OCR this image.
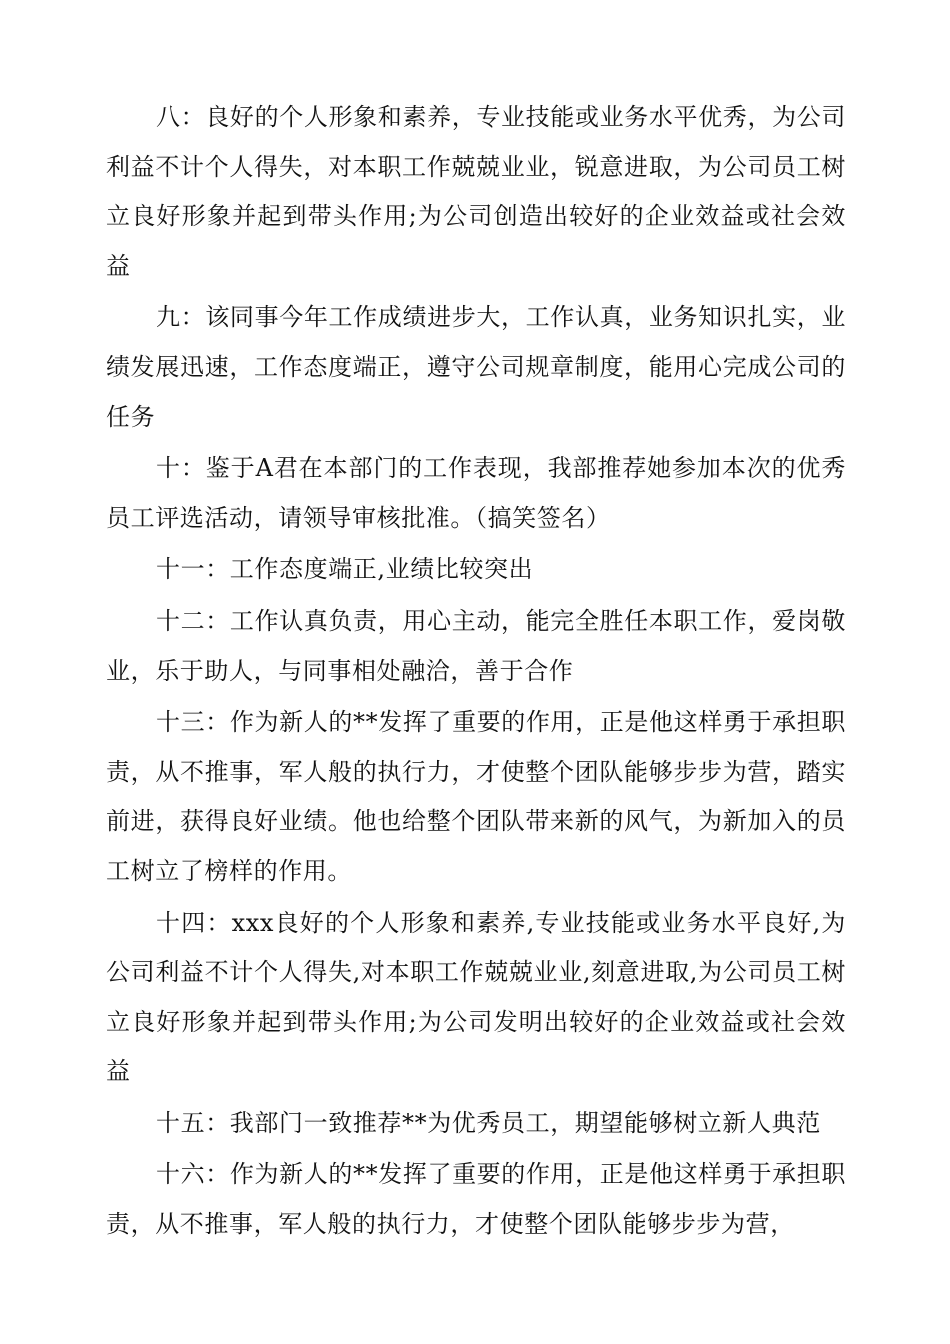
八：良好的个人形象和素养，专业技能或业务水平优秀，为公司利益不计个人得失，对本职工作兢兢业业，锐意进取，为公司员工树立良好形象并起到带头作用;为公司创造出较好的企业效益或社会效益

九：该同事今年工作成绩进步大，工作认真，业务知识扎实，业绩发展迅速，工作态度端正，遵守公司规章制度，能用心完成公司的任务

十：鉴于A君在本部门的工作表现，我部推荐她参加本次的优秀员工评选活动，请领导审核批准。（搞笑签名）

十一：工作态度端正,业绩比较突出

十二：工作认真负责，用心主动，能完全胜任本职工作，爱岗敬业，乐于助人，与同事相处融洽，善于合作

十三：作为新人的**发挥了重要的作用，正是他这样勇于承担职责，从不推事，军人般的执行力，才使整个团队能够步步为营，踏实前进，获得良好业绩。他也给整个团队带来新的风气，为新加入的员工树立了榜样的作用。

十四：xxx良好的个人形象和素养,专业技能或业务水平良好,为公司利益不计个人得失,对本职工作兢兢业业,刻意进取,为公司员工树立良好形象并起到带头作用;为公司发明出较好的企业效益或社会效益

十五：我部门一致推荐**为优秀员工，期望能够树立新人典范

十六：作为新人的**发挥了重要的作用，正是他这样勇于承担职责，从不推事，军人般的执行力，才使整个团队能够步步为营，
